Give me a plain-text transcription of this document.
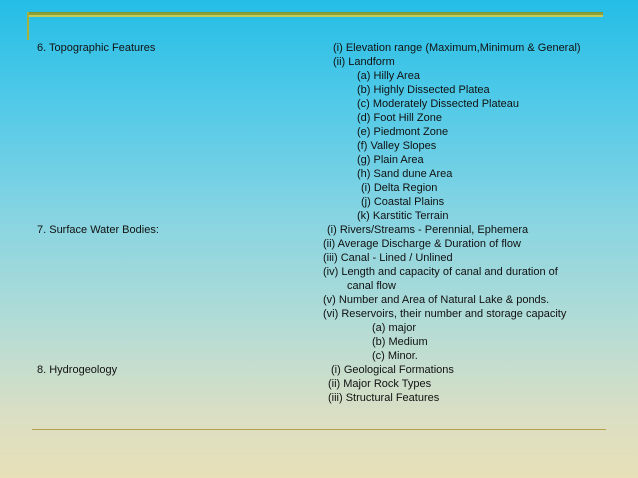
6. Topographic Features	(i) Elevation range (Maximum,Minimum & General)
(ii) Landform
(a) Hilly Area
(b) Highly Dissected Platea
(c) Moderately Dissected Plateau
(d) Foot Hill Zone
(e) Piedmont Zone
(f) Valley Slopes
(g) Plain Area
(h) Sand dune Area
(i) Delta Region
(j) Coastal Plains
(k) Karstitic Terrain
7. Surface Water Bodies:	(i) Rivers/Streams - Perennial, Ephemera
(ii) Average Discharge & Duration of flow
(iii) Canal - Lined / Unlined
(iv) Length and capacity of canal and duration of
canal flow
(v) Number and Area of Natural Lake & ponds.
(vi) Reservoirs, their number and storage capacity
(a) major
(b) Medium
(c) Minor.
8. Hydrogeology	(i) Geological Formations
(ii) Major Rock Types
(iii) Structural Features
